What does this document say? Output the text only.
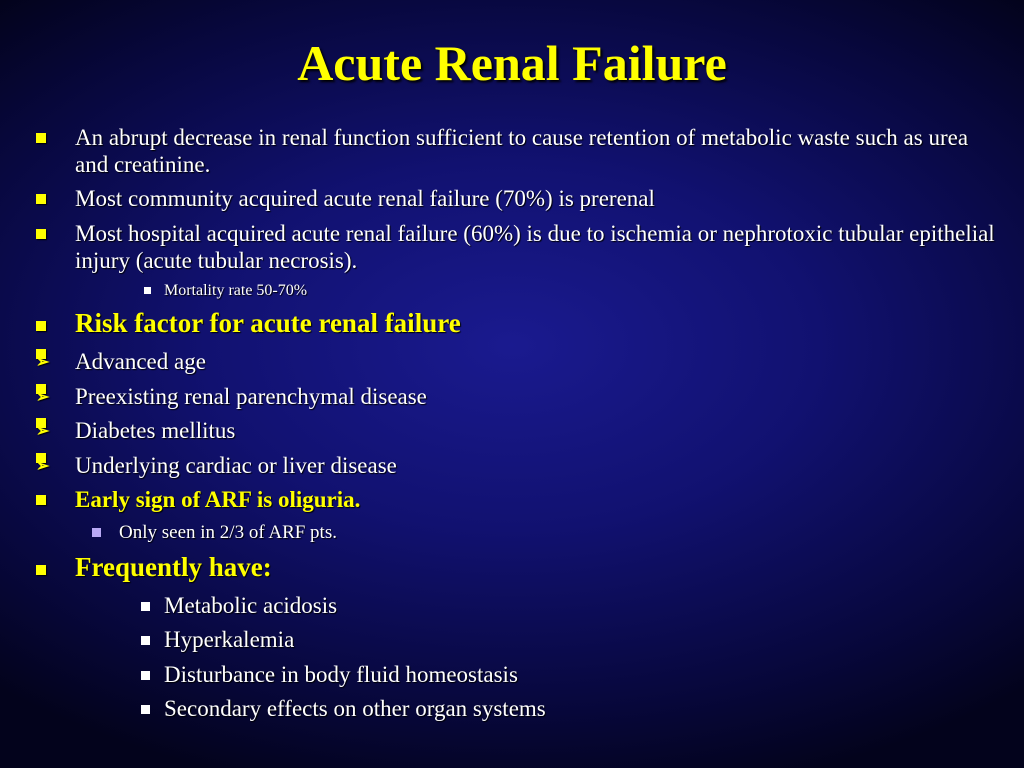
Acute Renal Failure
An abrupt decrease in renal function sufficient to cause retention of metabolic waste such as urea and creatinine.
Most community acquired acute renal failure (70%) is prerenal
Most hospital acquired acute renal failure (60%) is due to ischemia or nephrotoxic tubular epithelial injury (acute tubular necrosis).
Mortality rate 50-70%
Risk factor for acute renal failure
➢ Advanced age
➢ Preexisting renal parenchymal disease
➢ Diabetes mellitus
➢ Underlying cardiac or liver disease
Early sign of ARF is oliguria.
Only seen in 2/3 of ARF pts.
Frequently have:
Metabolic acidosis
Hyperkalemia
Disturbance in body fluid homeostasis
Secondary effects on other organ systems
